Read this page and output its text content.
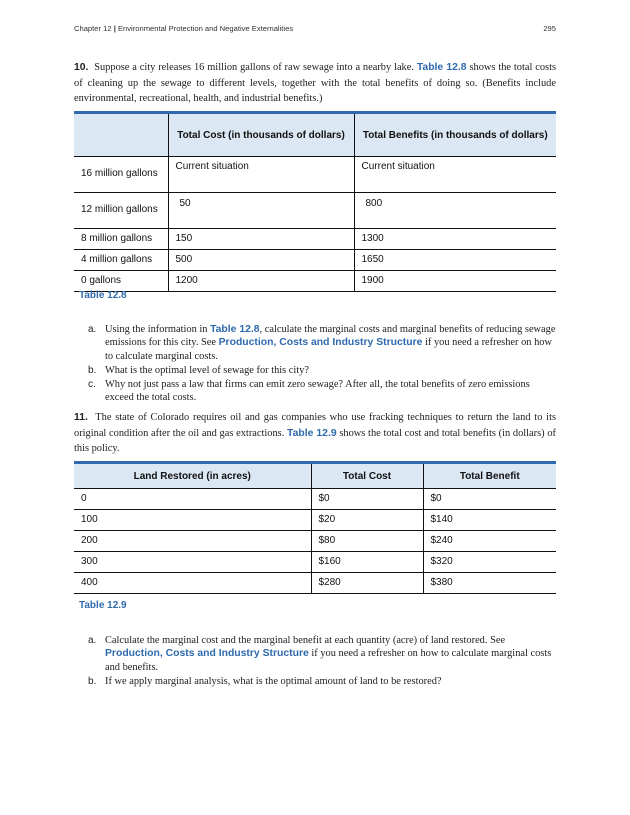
Chapter 12 | Environmental Protection and Negative Externalities	295

10. Suppose a city releases 16 million gallons of raw sewage into a nearby lake. Table 12.8 shows the total costs of cleaning up the sewage to different levels, together with the total benefits of doing so. (Benefits include environmental, recreational, health, and industrial benefits.)

	Total Cost (in thousands of dollars)	Total Benefits (in thousands of dollars)
16 million gallons	Current situation	Current situation
12 million gallons	50	800
8 million gallons	150	1300
4 million gallons	500	1650
0 gallons	1200	1900
Table 12.8
a. Using the information in Table 12.8, calculate the marginal costs and marginal benefits of reducing sewage emissions for this city. See Production, Costs and Industry Structure if you need a refresher on how to calculate marginal costs.
b. What is the optimal level of sewage for this city?
c. Why not just pass a law that firms can emit zero sewage? After all, the total benefits of zero emissions exceed the total costs.

11. The state of Colorado requires oil and gas companies who use fracking techniques to return the land to its original condition after the oil and gas extractions. Table 12.9 shows the total cost and total benefits (in dollars) of this policy.

Land Restored (in acres)	Total Cost	Total Benefit
0	$0	$0
100	$20	$140
200	$80	$240
300	$160	$320
400	$280	$380
Table 12.9
a. Calculate the marginal cost and the marginal benefit at each quantity (acre) of land restored. See Production, Costs and Industry Structure if you need a refresher on how to calculate marginal costs and benefits.
b. If we apply marginal analysis, what is the optimal amount of land to be restored?
